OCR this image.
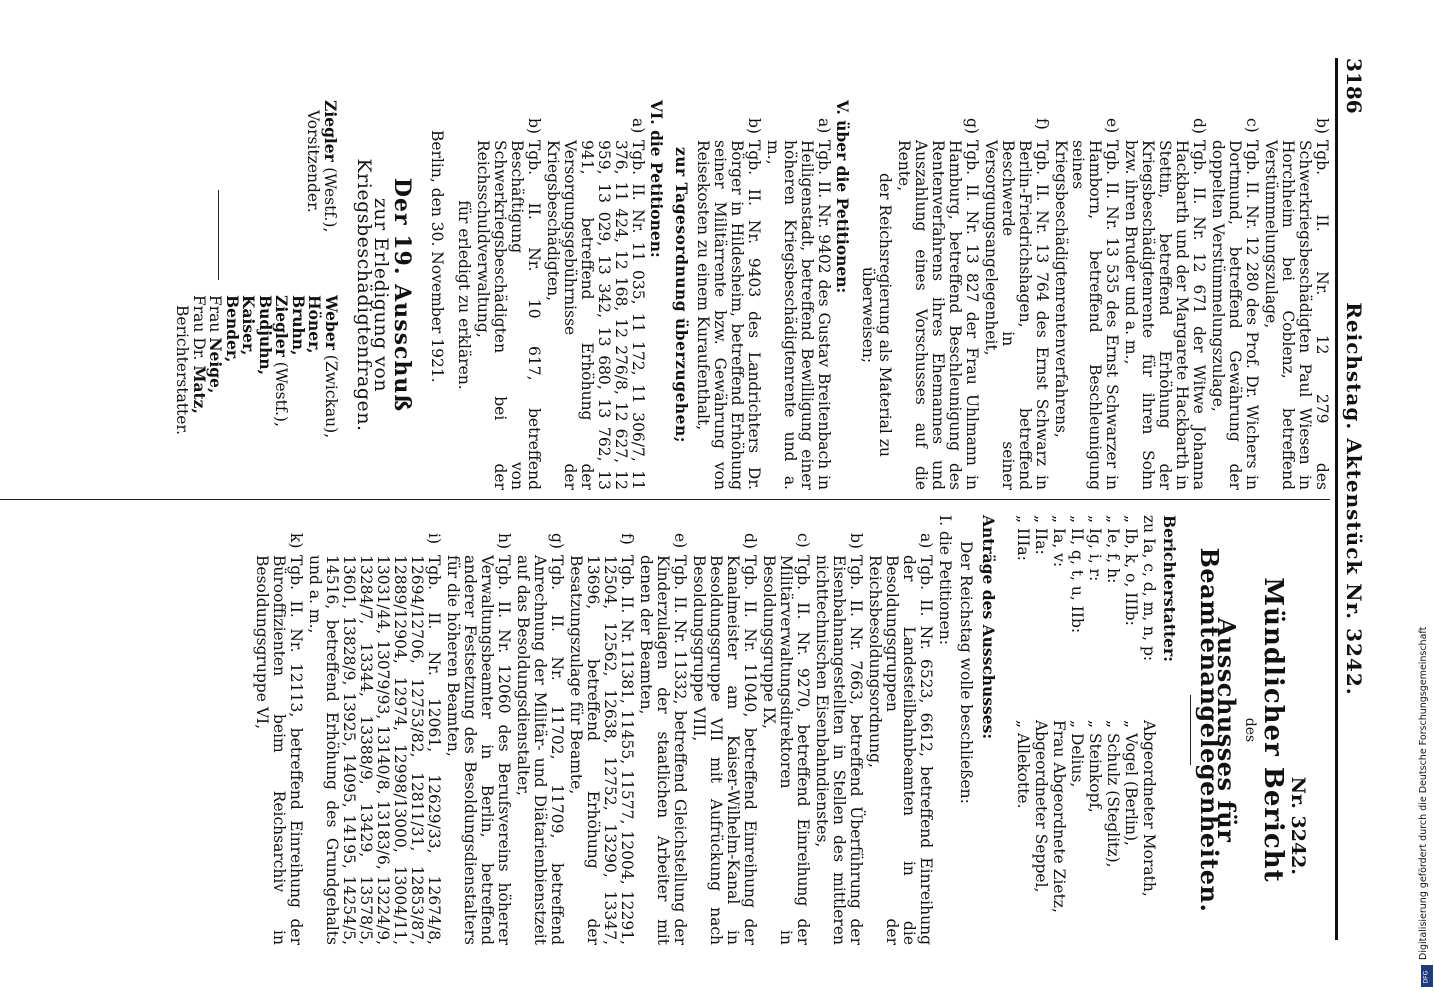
3186
Reichstag. Aktenstück Nr. 3242.
b)
Tgb. II. Nr. 12 279 des Schwerkriegsbeschädigten Paul Wiesen in Horchheim bei Coblenz, betreffend Verstümmelungszulage,
c)
Tgb. II. Nr. 12 280 des Prof. Dr. Wichers in Dortmund, betreffend Gewährung der doppelten Verstümmelungszulage,
d)
Tgb. II. Nr. 12 671 der Witwe Johanna Hackbarth und der Margarete Hackbarth in Stettin, betreffend Erhöhung der Kriegsbeschädigtenrente für ihren Sohn bzw. ihren Bruder und a. m.,
e)
Tgb. II. Nr. 13 535 des Ernst Schwarzer in Hamborn, betreffend Beschleunigung seines Kriegsbeschädigtenrentenverfahrens,
f)
Tgb. II. Nr. 13 764 des Ernst Schwarz in Berlin-Friedrichshagen, betreffend Beschwerde in seiner Versorgungsangelegenheit,
g)
Tgb. II. Nr. 13 827 der Frau Uhlmann in Hamburg, betreffend Beschleunigung des Rentenverfahrens ihres Ehemannes und Auszahlung eines Vorschusses auf die Rente,
der Reichsregierung als Material zu überweisen;
V. über die Petitionen:
a)
Tgb. II. Nr. 9402 des Gustav Breitenbach in Heiligenstadt, betreffend Bewilligung einer höheren Kriegsbeschädigtenrente und a. m.,
b)
Tgb. II. Nr. 9403 des Landrichters Dr. Börger in Hildesheim, betreffend Erhöhung seiner Militärrente bzw. Gewährung von Reisekosten zu einem Kuraufenthalt,
zur Tagesordnung überzugehen;
VI. die Petitionen:
a)
Tgb. II. Nr. 11 035, 11 172, 11 306/7, 11 376, 11 424, 12 168, 12 276/8, 12 627, 12 959, 13 029, 13 342, 13 680, 13 762, 13 941, betreffend Erhöhung der Versorgungsgebührnisse der Kriegsbeschädigten,
b)
Tgb. II. Nr. 10 617, betreffend Beschäftigung von Schwerkriegsbeschädigten bei der Reichsschuldverwaltung,
für erledigt zu erklären.
Berlin, den 30. November 1921.
Der 19. Ausschuß
zur Erledigung von Kriegsbeschädigtenfragen.
Ziegler (Westf.),
Vorsitzender.
Weber (Zwickau),
Höner,
Bruhn,
Ziegler (Westf.),
Budjuhn,
Kaiser,
Bender,
Frau Neige,
Frau Dr. Matz,
Berichterstatter.
Nr. 3242.
Mündlicher Bericht
des
Ausschusses für Beamtenangelegenheiten.
Berichterstatter:
zu Ia, c, d, m, n, p:
Abgeordneter Morath,
„ Ib, k, o, IIIb:
„ Vogel (Berlin),
„ Ie, f, h:
„ Schulz (Steglitz),
„ Ig, i, r:
„ Steinkopf,
„ II, q, t, u, IIb:
„ Delius,
„ Ia, v:
Frau Abgeordnete Zietz,
„ IIa:
Abgeordneter Seppel,
„ IIIa:
„ Allekotte.
Anträge des Ausschusses:
Der Reichstag wolle beschließen:
I. die Petitionen:
a)
Tgb. II. Nr. 6523, 6612, betreffend Einreihung der Landesteilbahnbeamten in die Besoldungsgruppen der Reichsbesoldungsordnung,
b)
Tgb. II. Nr. 7663, betreffend Überführung der Eisenbahnangestellten in Stellen des mittleren nichttechnischen Eisenbahndienstes,
c)
Tgb. II. Nr. 9270, betreffend Einreihung der Militärverwaltungsdirektoren in Besoldungsgruppe IX,
d)
Tgb. II. Nr. 11040, betreffend Einreihung der Kanalmeister am Kaiser-Wilhelm-Kanal in Besoldungsgruppe VII mit Aufrückung nach Besoldungsgruppe VIII,
e)
Tgb. II. Nr. 11332, betreffend Gleichstellung der Kinderzulagen der staatlichen Arbeiter mit denen der Beamten,
f)
Tgb. II. Nr. 11381, 11455, 11577, 12004, 12291, 12504, 12562, 12638, 12752, 13290, 13347, 13696, betreffend Erhöhung der Besatzungszulage für Beamte,
g)
Tgb. II. Nr. 11702, 11709, betreffend Anrechnung der Militär- und Diätarienbienstzeit auf das Besoldungsdienstalter,
h)
Tgb. II. Nr. 12060 des Berufsvereins höherer Verwaltungsbeamter in Berlin, betreffend anderer Festsetzung des Besoldungsdienstalters für die höheren Beamten,
i)
Tgb. II. Nr. 12061, 12629/33, 12674/8, 12694/12706, 12753/82, 12811/31, 12853/87, 12889/12904, 12974, 12998/13000, 13004/11, 13031/44, 13079/93, 13140/8, 13183/6, 13224/9, 13284/7, 13344, 13388/9, 13429, 13578/5, 13601, 13828/9, 13925, 14095, 14195, 14254/5, 14516, betreffend Erhöhung des Grundgehalts und a. m.,
k)
Tgb. II. Nr. 12113, betreffend Einreihung der Bürooffizienten beim Reichsarchiv in Besoldungsgruppe VI,	Digitalisierung gefördert durch die Deutsche Forschungsgemeinschaft
DFG
